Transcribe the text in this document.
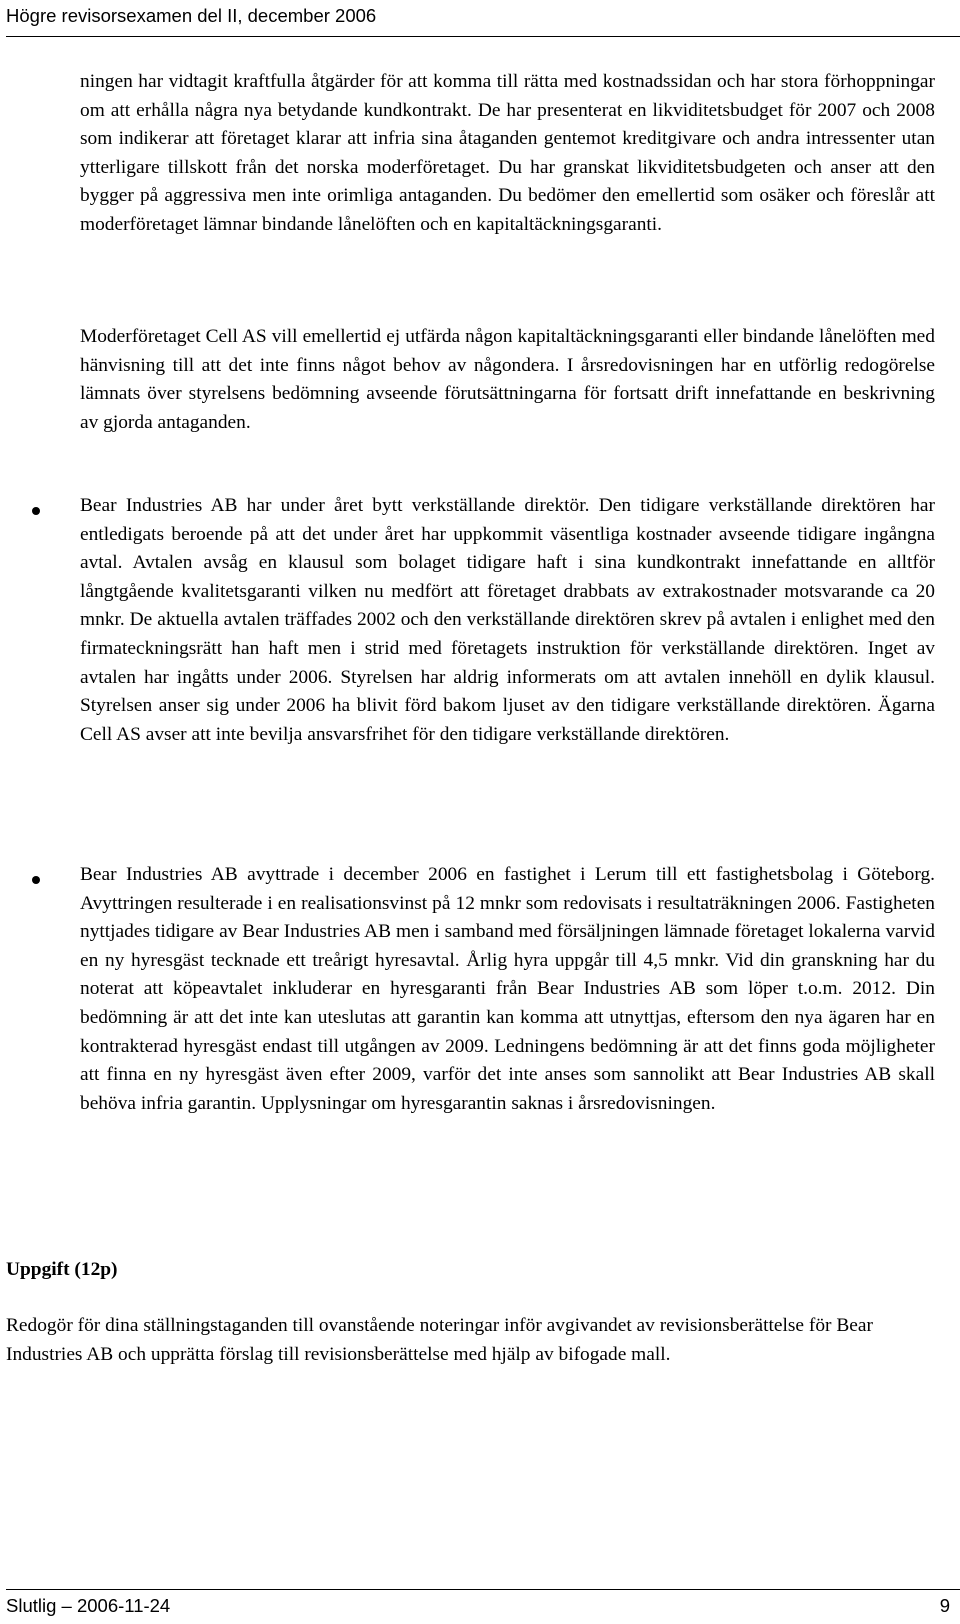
Högre revisorsexamen del II, december 2006

ningen har vidtagit kraftfulla åtgärder för att komma till rätta med kostnadssidan och har stora förhoppningar om att erhålla några nya betydande kundkontrakt. De har presenterat en likviditetsbudget för 2007 och 2008 som indikerar att företaget klarar att infria sina åtaganden gentemot kreditgivare och andra intressenter utan ytterligare tillskott från det norska moderföretaget. Du har granskat likviditetsbudgeten och anser att den bygger på aggressiva men inte orimliga antaganden. Du bedömer den emellertid som osäker och föreslår att moderföretaget lämnar bindande lånelöften och en kapitaltäckningsgaranti.

Moderföretaget Cell AS vill emellertid ej utfärda någon kapitaltäckningsgaranti eller bindande lånelöften med hänvisning till att det inte finns något behov av någondera. I årsredovisningen har en utförlig redogörelse lämnats över styrelsens bedömning avseende förutsättningarna för fortsatt drift innefattande en beskrivning av gjorda antaganden.

Bear Industries AB har under året bytt verkställande direktör. Den tidigare verkställande direktören har entledigats beroende på att det under året har uppkommit väsentliga kostnader avseende tidigare ingångna avtal. Avtalen avsåg en klausul som bolaget tidigare haft i sina kundkontrakt innefattande en alltför långtgående kvalitetsgaranti vilken nu medfört att företaget drabbats av extrakostnader motsvarande ca 20 mnkr. De aktuella avtalen träffades 2002 och den verkställande direktören skrev på avtalen i enlighet med den firmateckningsrätt han haft men i strid med företagets instruktion för verkställande direktören. Inget av avtalen har ingåtts under 2006. Styrelsen har aldrig informerats om att avtalen innehöll en dylik klausul. Styrelsen anser sig under 2006 ha blivit förd bakom ljuset av den tidigare verkställande direktören. Ägarna Cell AS avser att inte bevilja ansvarsfrihet för den tidigare verkställande direktören.

Bear Industries AB avyttrade i december 2006 en fastighet i Lerum till ett fastighetsbolag i Göteborg. Avyttringen resulterade i en realisationsvinst på 12 mnkr som redovisats i resultaträkningen 2006. Fastigheten nyttjades tidigare av Bear Industries AB men i samband med försäljningen lämnade företaget lokalerna varvid en ny hyresgäst tecknade ett treårigt hyresavtal. Årlig hyra uppgår till 4,5 mnkr. Vid din granskning har du noterat att köpeavtalet inkluderar en hyresgaranti från Bear Industries AB som löper t.o.m. 2012. Din bedömning är att det inte kan uteslutas att garantin kan komma att utnyttjas, eftersom den nya ägaren har en kontrakterad hyresgäst endast till utgången av 2009. Ledningens bedömning är att det finns goda möjligheter att finna en ny hyresgäst även efter 2009, varför det inte anses som sannolikt att Bear Industries AB skall behöva infria garantin. Upplysningar om hyresgarantin saknas i årsredovisningen.

Uppgift (12p)

Redogör för dina ställningstaganden till ovanstående noteringar inför avgivandet av revisionsberättelse för Bear Industries AB och upprätta förslag till revisionsberättelse med hjälp av bifogade mall.

Slutlig – 2006-11-24	9
